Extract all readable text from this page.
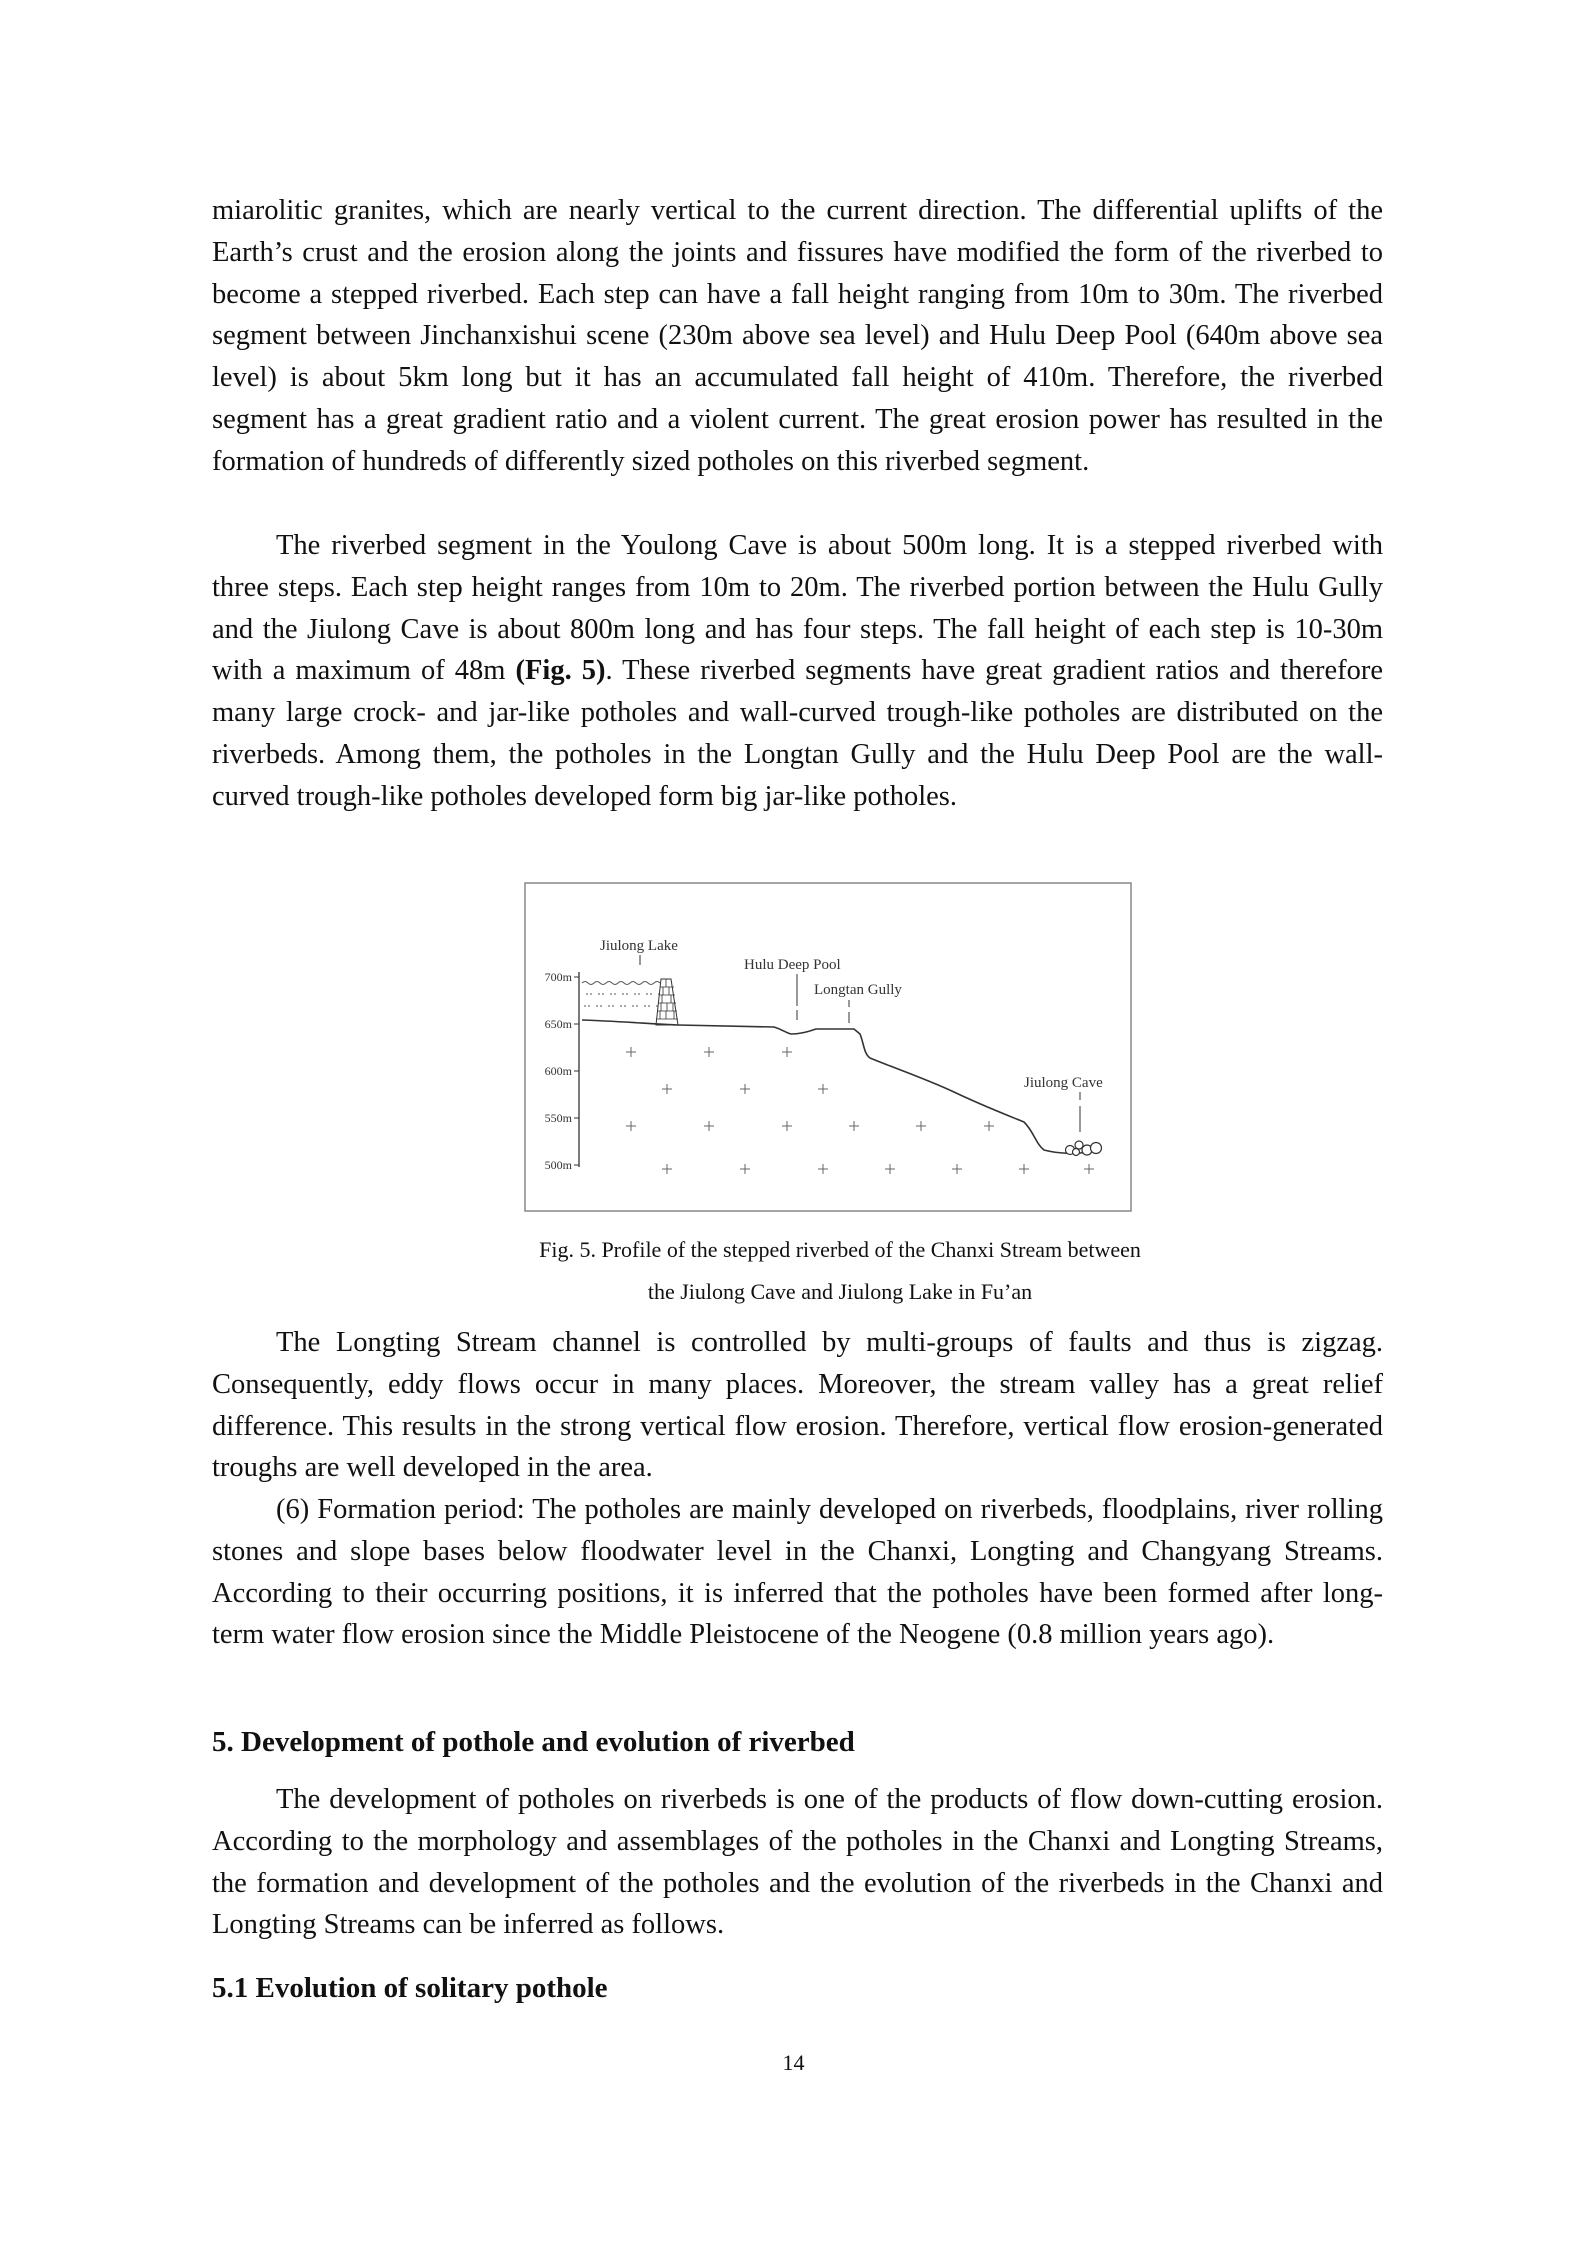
miarolitic granites, which are nearly vertical to the current direction. The differential uplifts of the Earth’s crust and the erosion along the joints and fissures have modified the form of the riverbed to become a stepped riverbed. Each step can have a fall height ranging from 10m to 30m. The riverbed segment between Jinchanxishui scene (230m above sea level) and Hulu Deep Pool (640m above sea level) is about 5km long but it has an accumulated fall height of 410m. Therefore, the riverbed segment has a great gradient ratio and a violent current. The great erosion power has resulted in the formation of hundreds of differently sized potholes on this riverbed segment.

The riverbed segment in the Youlong Cave is about 500m long. It is a stepped riverbed with three steps. Each step height ranges from 10m to 20m. The riverbed portion between the Hulu Gully and the Jiulong Cave is about 800m long and has four steps. The fall height of each step is 10-30m with a maximum of 48m (Fig. 5). These riverbed segments have great gradient ratios and therefore many large crock- and jar-like potholes and wall-curved trough-like potholes are distributed on the riverbeds. Among them, the potholes in the Longtan Gully and the Hulu Deep Pool are the wall-curved trough-like potholes developed form big jar-like potholes.

700m
650m
600m
550m
500m
Jiulong Lake
Hulu Deep Pool
Longtan Gully
Jiulong Cave

Fig. 5. Profile of the stepped riverbed of the Chanxi Stream between

the Jiulong Cave and Jiulong Lake in Fu’an

The Longting Stream channel is controlled by multi-groups of faults and thus is zigzag. Consequently, eddy flows occur in many places. Moreover, the stream valley has a great relief difference. This results in the strong vertical flow erosion. Therefore, vertical flow erosion-generated troughs are well developed in the area.

(6) Formation period: The potholes are mainly developed on riverbeds, floodplains, river rolling stones and slope bases below floodwater level in the Chanxi, Longting and Changyang Streams. According to their occurring positions, it is inferred that the potholes have been formed after long-term water flow erosion since the Middle Pleistocene of the Neogene (0.8 million years ago).

5. Development of pothole and evolution of riverbed

The development of potholes on riverbeds is one of the products of flow down-cutting erosion. According to the morphology and assemblages of the potholes in the Chanxi and Longting Streams, the formation and development of the potholes and the evolution of the riverbeds in the Chanxi and Longting Streams can be inferred as follows.

5.1 Evolution of solitary pothole
14
